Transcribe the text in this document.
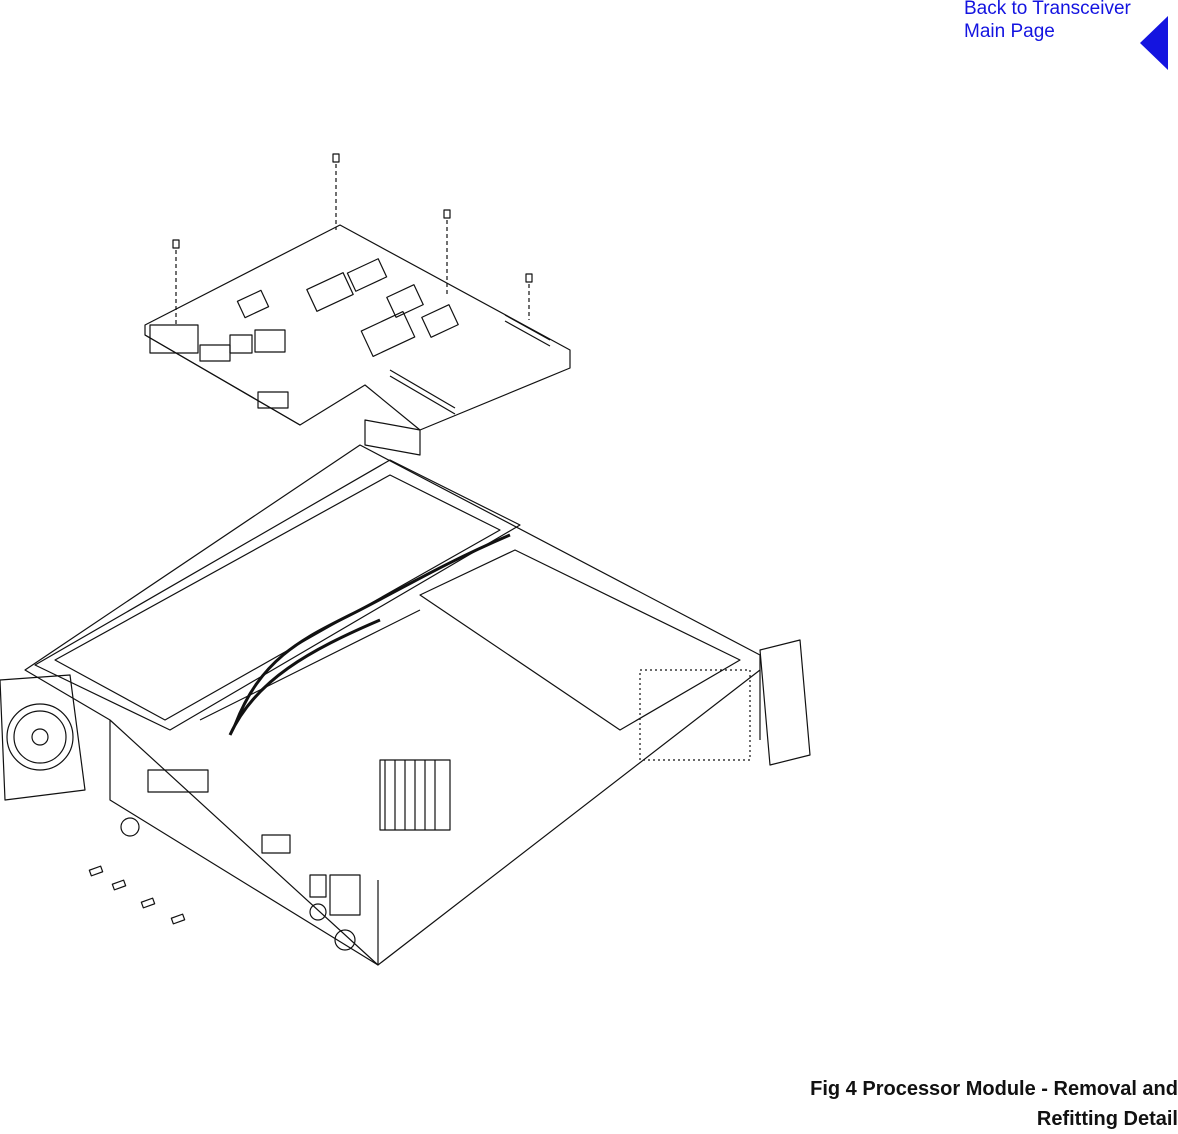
Back to Transceiver
Main Page
Fig 4 Processor Module - Removal and
Refitting Detail
